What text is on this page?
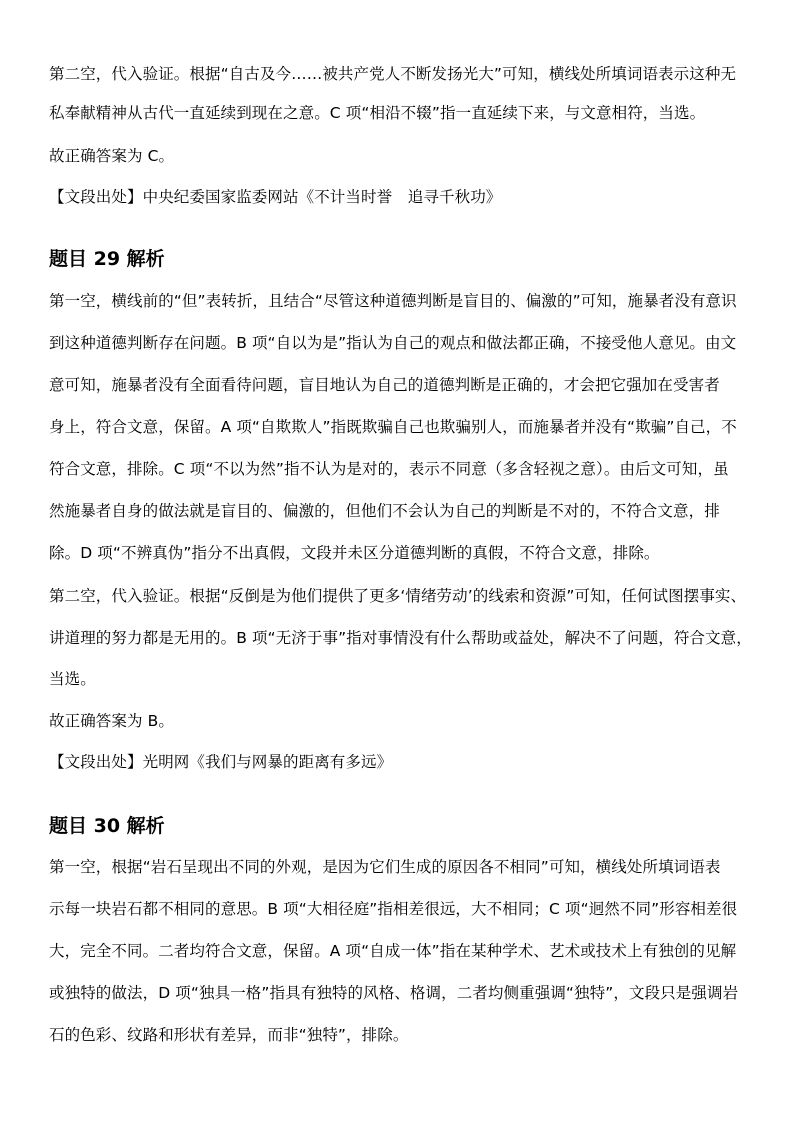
第二空，代入验证。根据“自古及今……被共产党人不断发扬光大”可知，横线处所填词语表示这种无
私奉献精神从古代一直延续到现在之意。C 项“相沿不辍”指一直延续下来，与文意相符，当选。
故正确答案为 C。
【文段出处】中央纪委国家监委网站《不计当时誉　追寻千秋功》
题目 29 解析
第一空，横线前的“但”表转折，且结合“尽管这种道德判断是盲目的、偏激的”可知，施暴者没有意识
到这种道德判断存在问题。B 项“自以为是”指认为自己的观点和做法都正确，不接受他人意见。由文
意可知，施暴者没有全面看待问题，盲目地认为自己的道德判断是正确的，才会把它强加在受害者
身上，符合文意，保留。A 项“自欺欺人”指既欺骗自己也欺骗别人，而施暴者并没有“欺骗”自己，不
符合文意，排除。C 项“不以为然”指不认为是对的，表示不同意（多含轻视之意）。由后文可知，虽
然施暴者自身的做法就是盲目的、偏激的，但他们不会认为自己的判断是不对的，不符合文意，排
除。D 项“不辨真伪”指分不出真假，文段并未区分道德判断的真假，不符合文意，排除。
第二空，代入验证。根据“反倒是为他们提供了更多‘情绪劳动’的线索和资源”可知，任何试图摆事实、
讲道理的努力都是无用的。B 项“无济于事”指对事情没有什么帮助或益处，解决不了问题，符合文意，
当选。
故正确答案为 B。
【文段出处】光明网《我们与网暴的距离有多远》
题目 30 解析
第一空，根据“岩石呈现出不同的外观，是因为它们生成的原因各不相同”可知，横线处所填词语表
示每一块岩石都不相同的意思。B 项“大相径庭”指相差很远，大不相同；C 项“迥然不同”形容相差很
大，完全不同。二者均符合文意，保留。A 项“自成一体”指在某种学术、艺术或技术上有独创的见解
或独特的做法，D 项“独具一格”指具有独特的风格、格调，二者均侧重强调“独特”，文段只是强调岩
石的色彩、纹路和形状有差异，而非“独特”，排除。
